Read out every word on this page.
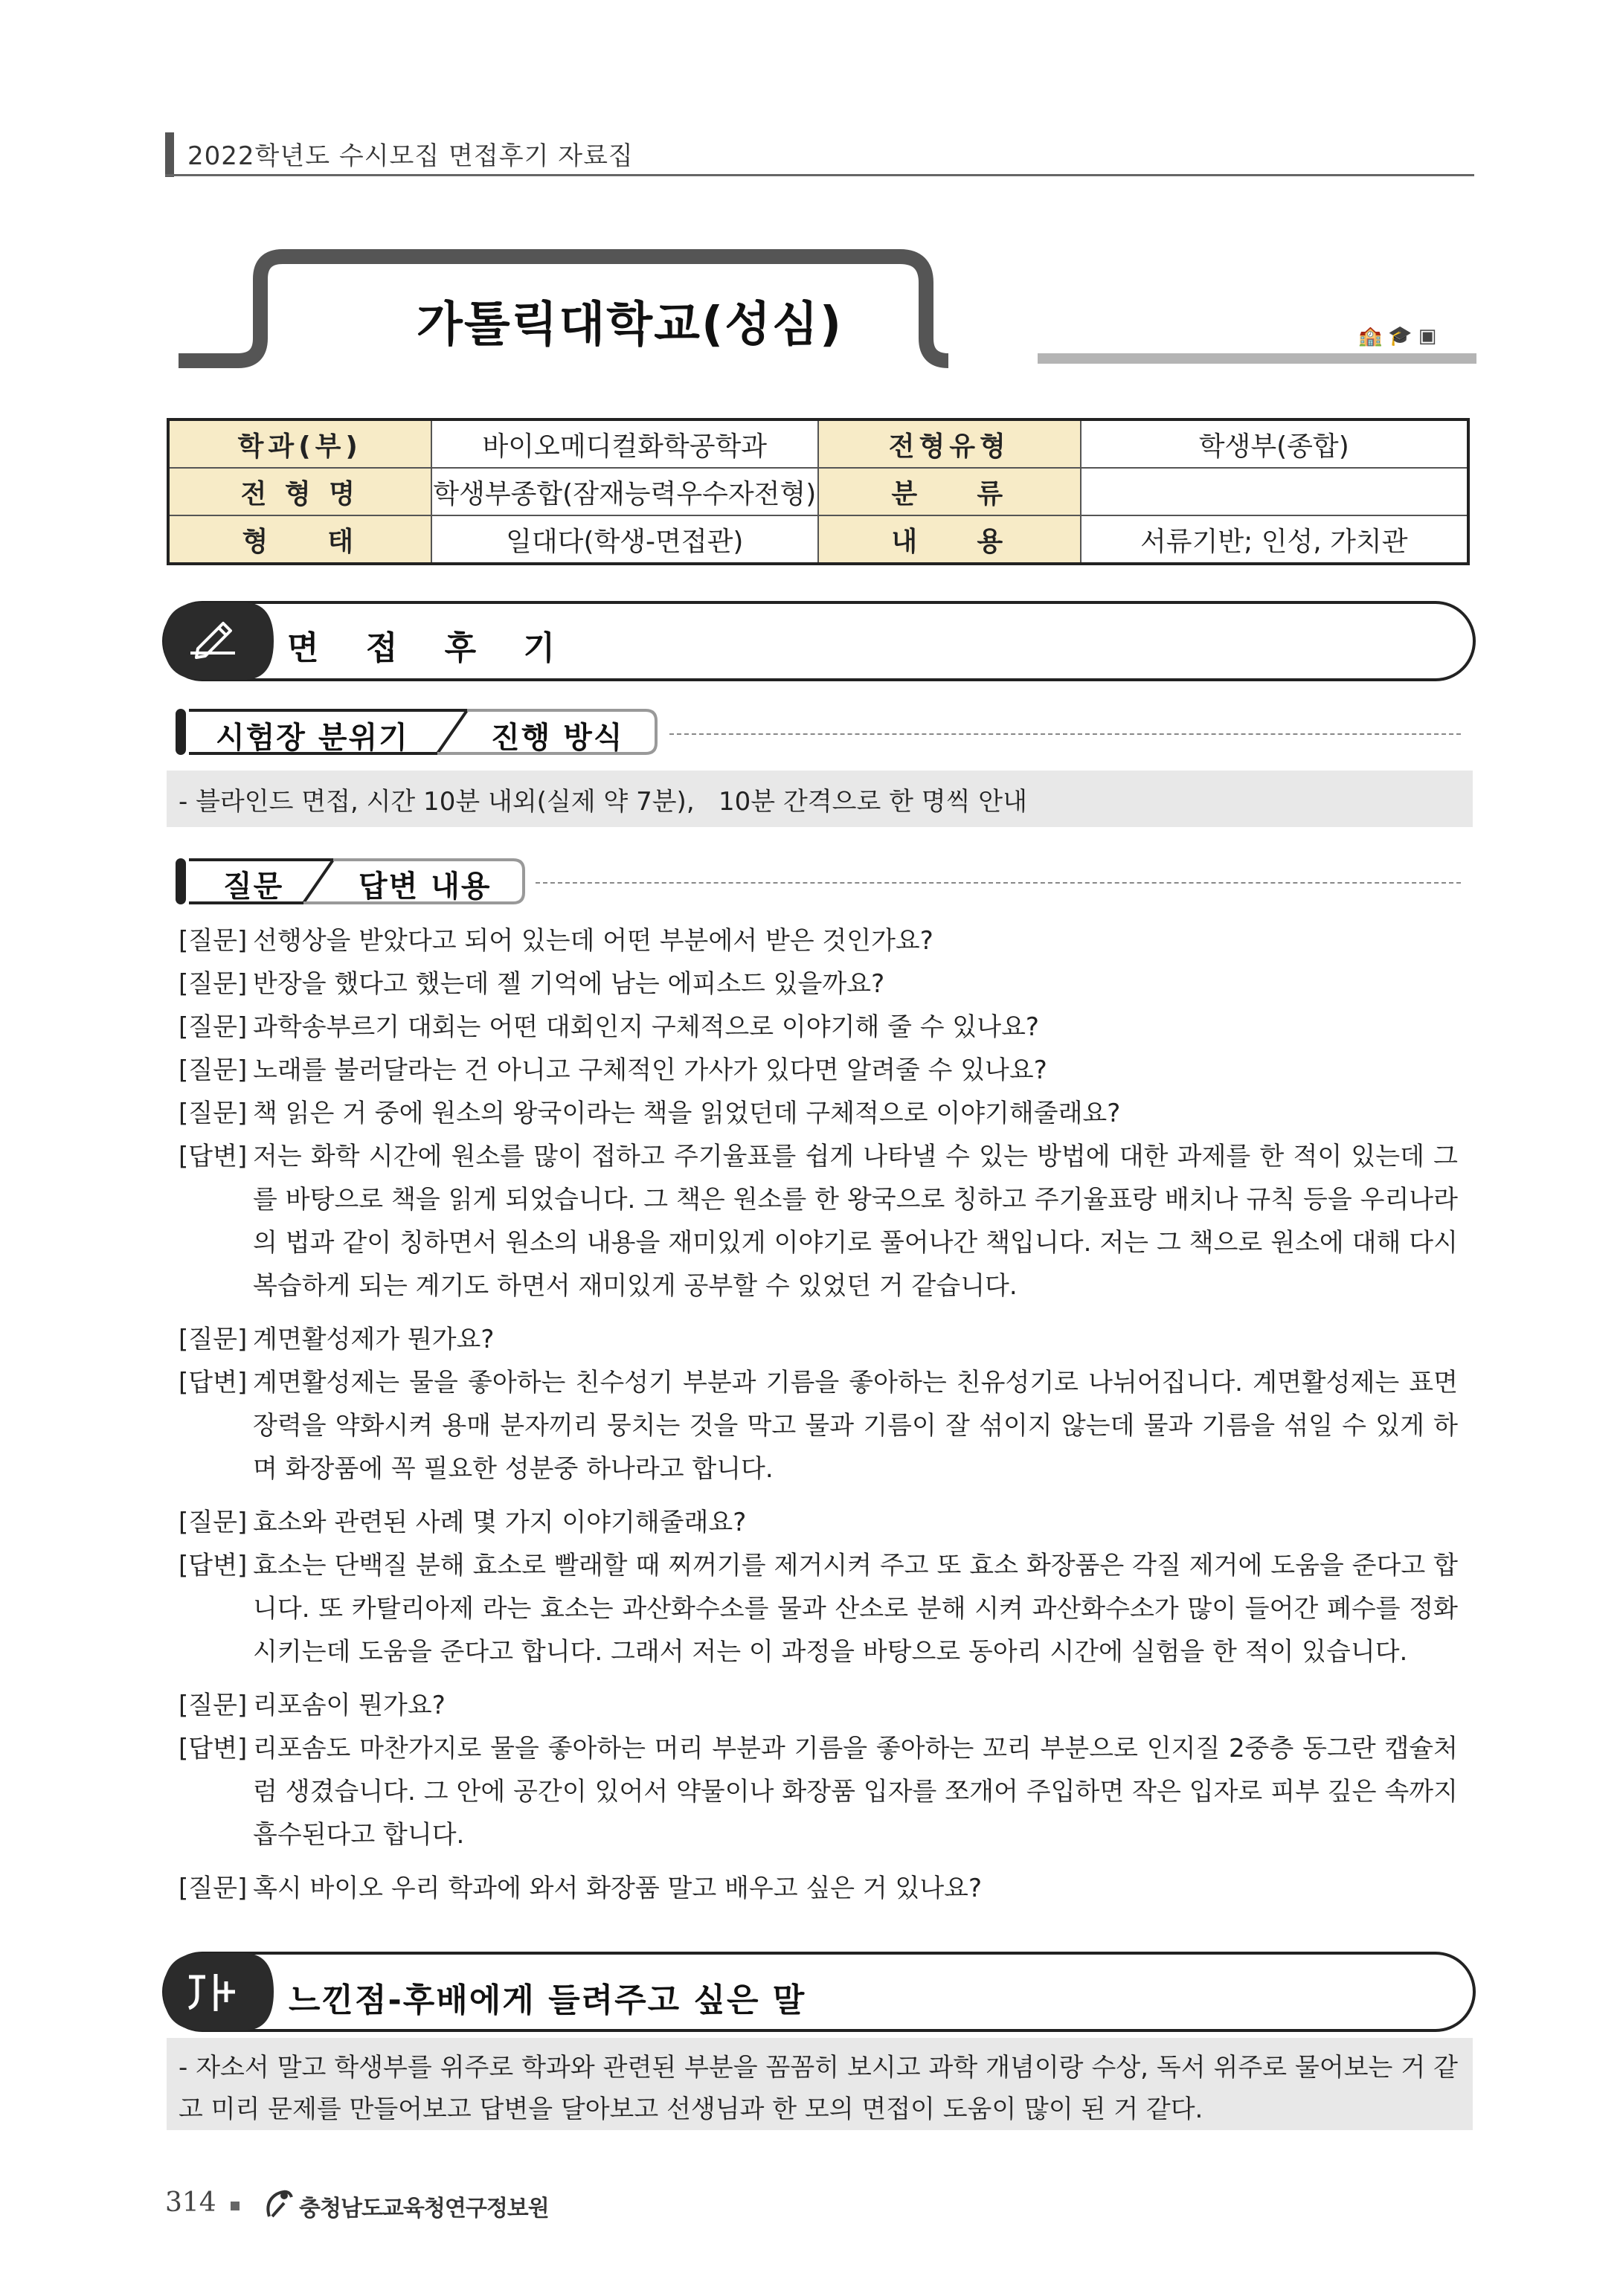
2022학년도 수시모집 면접후기 자료집
가톨릭대학교(성심)	🏫🎓▣
학과(부)	바이오메디컬화학공학과	전형유형	학생부(종합)
전 형 명	학생부종합(잠재능력우수자전형)	분    류	
형    태	일대다(학생-면접관)	내    용	서류기반; 인성, 가치관
면 접 후 기
시험장 분위기	진행 방식
- 블라인드 면접, 시간 10분 내외(실제 약 7분),   10분 간격으로 한 명씩 안내
질문	답변 내용
[질문] 선행상을 받았다고 되어 있는데 어떤 부분에서 받은 것인가요?
[질문] 반장을 했다고 했는데 젤 기억에 남는 에피소드 있을까요?
[질문] 과학송부르기 대회는 어떤 대회인지 구체적으로 이야기해 줄 수 있나요?
[질문] 노래를 불러달라는 건 아니고 구체적인 가사가 있다면 알려줄 수 있나요?
[질문] 책 읽은 거 중에 원소의 왕국이라는 책을 읽었던데 구체적으로 이야기해줄래요?
[답변] 저는 화학 시간에 원소를 많이 접하고 주기율표를 쉽게 나타낼 수 있는 방법에 대한 과제를 한 적이 있는데 그를 바탕으로 책을 읽게 되었습니다. 그 책은 원소를 한 왕국으로 칭하고 주기율표랑 배치나 규칙 등을 우리나라의 법과 같이 칭하면서 원소의 내용을 재미있게 이야기로 풀어나간 책입니다. 저는 그 책으로 원소에 대해 다시 복습하게 되는 계기도 하면서 재미있게 공부할 수 있었던 거 같습니다.
[질문] 계면활성제가 뭔가요?
[답변] 계면활성제는 물을 좋아하는 친수성기 부분과 기름을 좋아하는 친유성기로 나뉘어집니다. 계면활성제는 표면장력을 약화시켜 용매 분자끼리 뭉치는 것을 막고 물과 기름이 잘 섞이지 않는데 물과 기름을 섞일 수 있게 하며 화장품에 꼭 필요한 성분중 하나라고 합니다.
[질문] 효소와 관련된 사례 몇 가지 이야기해줄래요?
[답변] 효소는 단백질 분해 효소로 빨래할 때 찌꺼기를 제거시켜 주고 또 효소 화장품은 각질 제거에 도움을 준다고 합니다. 또 카탈리아제 라는 효소는 과산화수소를 물과 산소로 분해 시켜 과산화수소가 많이 들어간 폐수를 정화시키는데 도움을 준다고 합니다. 그래서 저는 이 과정을 바탕으로 동아리 시간에 실험을 한 적이 있습니다.
[질문] 리포솜이 뭔가요?
[답변] 리포솜도 마찬가지로 물을 좋아하는 머리 부분과 기름을 좋아하는 꼬리 부분으로 인지질 2중층 동그란 캡슐처럼 생겼습니다. 그 안에 공간이 있어서 약물이나 화장품 입자를 쪼개어 주입하면 작은 입자로 피부 깊은 속까지 흡수된다고 합니다.
[질문] 혹시 바이오 우리 학과에 와서 화장품 말고 배우고 싶은 거 있나요?
느낀점-후배에게 들려주고 싶은 말
- 자소서 말고 학생부를 위주로 학과와 관련된 부분을 꼼꼼히 보시고 과학 개념이랑 수상, 독서 위주로 물어보는 거 같고 미리 문제를 만들어보고 답변을 달아보고 선생님과 한 모의 면접이 도움이 많이 된 거 같다.
314	충청남도교육청연구정보원
